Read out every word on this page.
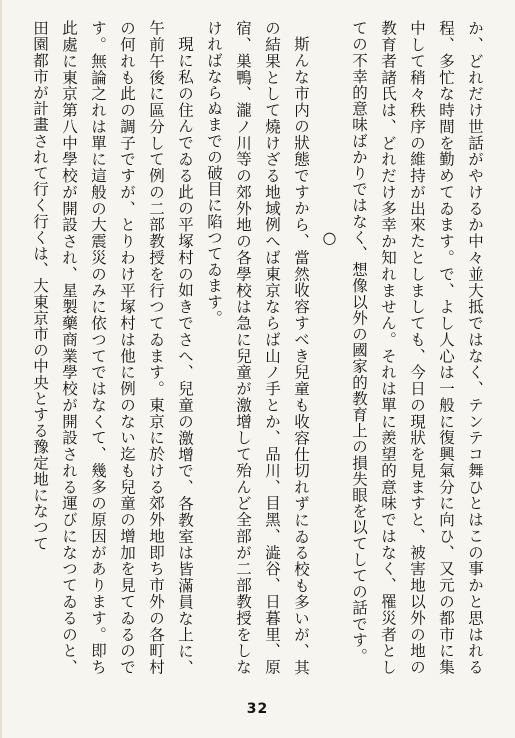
か、どれだけ世話がやけるか中々並大抵ではなく、テンテコ舞ひとはこの事かと思はれる程、多忙な時間を勤めてゐます。で、よし人心は一般に復興氣分に向ひ、又元の都市に集中して稍々秩序の維持が出來たとしましても、今日の現狀を見ますと、被害地以外の地の教育者諸氏は、どれだけ多幸か知れません。それは單に羨望的意味ではなく、罹災者としての不幸的意味ばかりではなく、想像以外の國家的教育上の損失眼を以てしての話です。

○

斯んな市内の狀態ですから、當然收容すべき兒童も收容仕切れずにゐる校も多いが、其の結果として燒けざる地域例へば東京ならば山ノ手とか、品川、目黑、澁谷、日暮里、原宿、巣鴨、瀧ノ川等の郊外地の各學校は急に兒童が激增して殆んど全部が二部教授をしなければならぬまでの破目に陷つてゐます。

現に私の住んでゐる此の平塚村の如きでさへ、兒童の激增で、各教室は皆滿員な上に、午前午後に區分して例の二部教授を行つてゐます。東京に於ける郊外地即ち市外の各町村の何れも此の調子ですが、とりわけ平塚村は他に例のない迄も兒童の增加を見てゐるのです。無論之れは單に這般の大震災のみに依つてではなくて、幾多の原因があります。即ち此處に東京第八中學校が開設され、星製藥商業學校が開設される運びになつてゐるのと、田園都市が計畫されて行く行くは、大東京市の中央とする豫定地になつて

32
